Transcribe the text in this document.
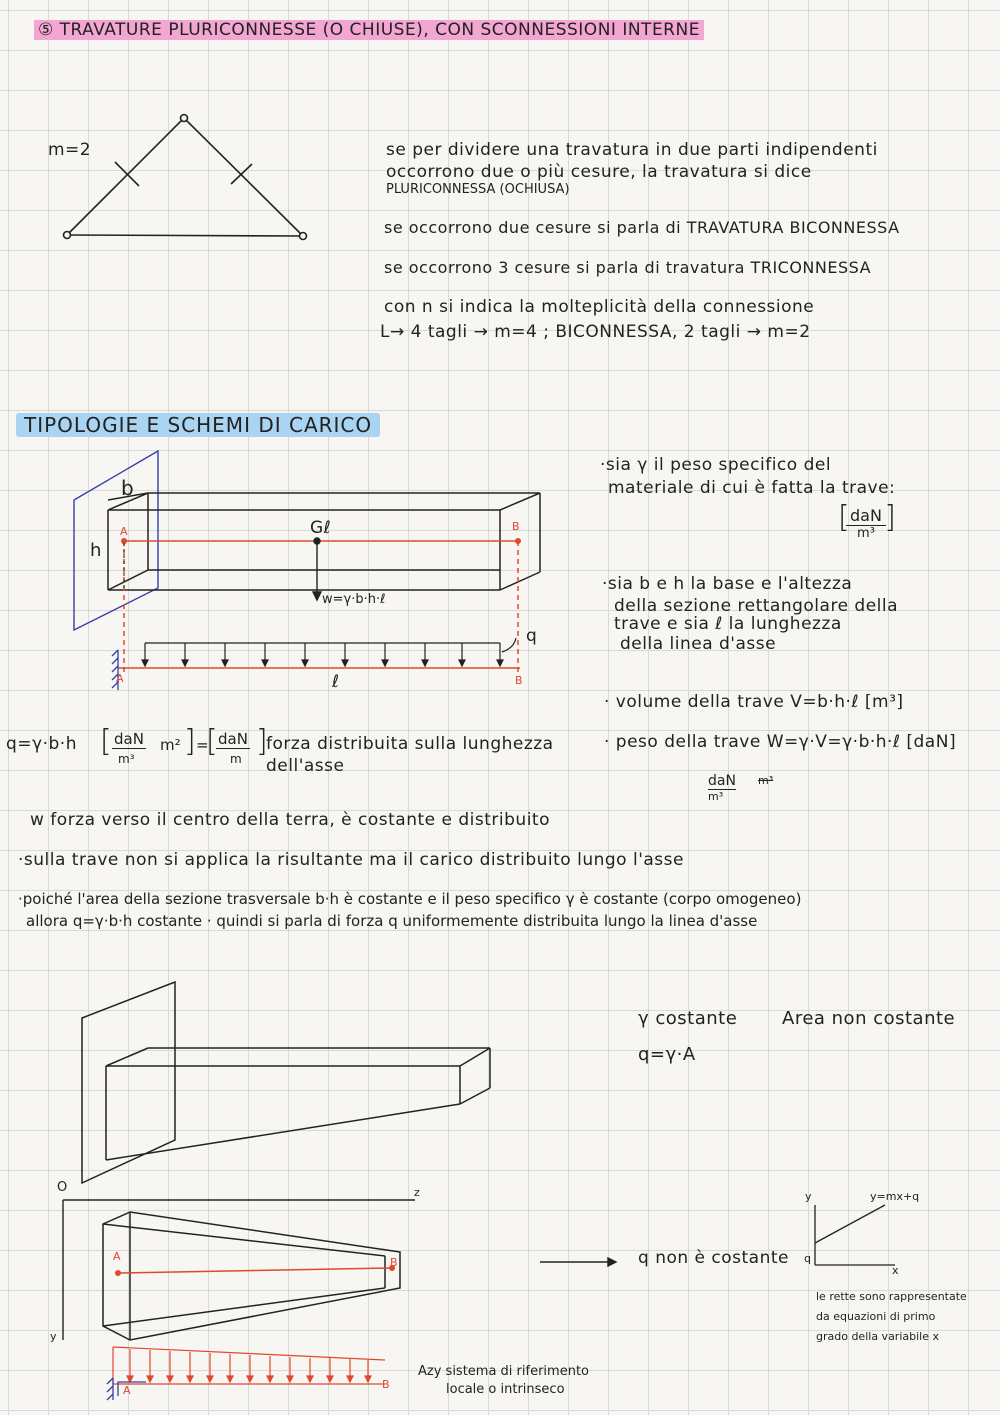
⑤ TRAVATURE PLURICONNESSE (O CHIUSE), CON SCONNESSIONI INTERNE
m=2	se per dividere una travatura in due parti indipendenti
occorrono due o più cesure, la travatura si dice
PLURICONNESSA (OCHIUSA)
se occorrono due cesure si parla di TRAVATURA BICONNESSA
se occorrono 3 cesure si parla di travatura TRICONNESSA
con n si indica la molteplicità della connessione
L→ 4 tagli → m=4 ; BICONNESSA, 2 tagli → m=2
TIPOLOGIE E SCHEMI DI CARICO
b
h
A	B
Gℓ
w=γ·b·h·ℓ
q
ℓ
A	B
·sia γ il peso specifico del
materiale di cui è fatta la trave:
[ daN
m³ ]
·sia b e h la base e l'altezza
della sezione rettangolare della
trave e sia ℓ la lunghezza
della linea d'asse
· volume della trave V=b·h·ℓ [m³]
· peso della trave W=γ·V=γ·b·h·ℓ [daN]
q=γ·b·h [ daN
m³
m² ] =
[ daN
m ]
forza distribuita sulla lunghezza
dell'asse
daN
m³
m³
w forza verso il centro della terra, è costante e distribuito
·sulla trave non si applica la risultante ma il carico distribuito lungo l'asse
·poiché l'area della sezione trasversale b·h è costante e il peso specifico γ è costante (corpo omogeneo)
allora q=γ·b·h costante · quindi si parla di forza q uniformemente distribuita lungo la linea d'asse
γ costante Area non costante
q=γ·A
O	z
y
A	B
A	B
q non è costante
y
x
q
y=mx+q
le rette sono rappresentate
da equazioni di primo
grado della variabile x
Azy sistema di riferimento
locale o intrinseco
